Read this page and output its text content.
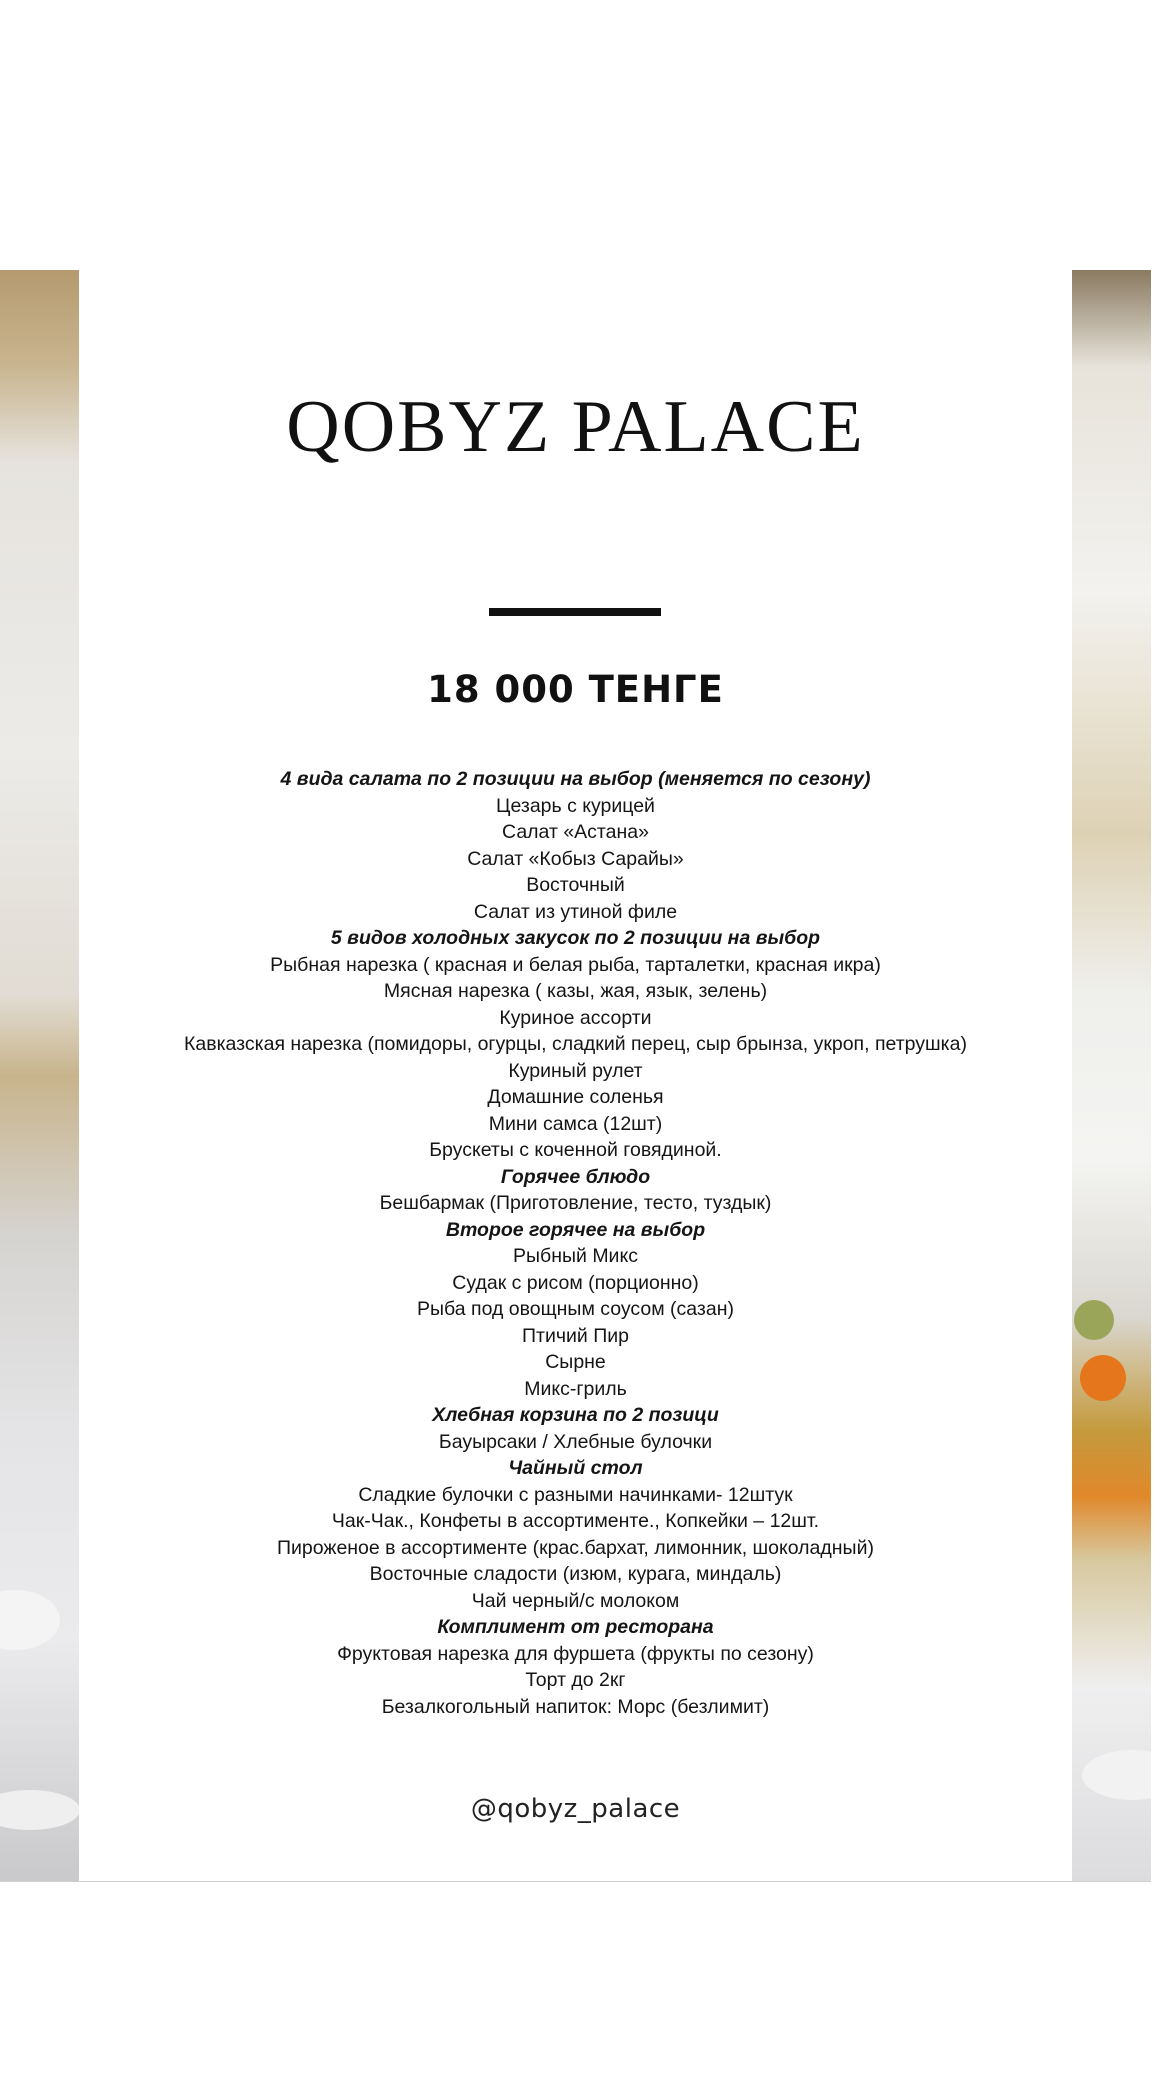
QOBYZ PALACE
18 000 ТЕНГЕ
4 вида салата по 2 позиции на выбор (меняется по сезону)
Цезарь с курицей
Салат «Астана»
Салат «Кобыз Сарайы»
Восточный
Салат из утиной филе
5 видов холодных закусок по 2 позиции на выбор
Рыбная нарезка ( красная и белая рыба, тарталетки, красная икра)
Мясная нарезка ( казы, жая, язык, зелень)
Куриное ассорти
Кавказская нарезка (помидоры, огурцы, сладкий перец, сыр брынза, укроп, петрушка)
Куриный рулет
Домашние соленья
Мини самса (12шт)
Брускеты с коченной говядиной.
Горячее блюдо
Бешбармак (Приготовление, тесто, туздык)
Второе горячее на выбор
Рыбный Микс
Судак с рисом (порционно)
Рыба под овощным соусом (сазан)
Птичий Пир
Сырне
Микс-гриль
Хлебная корзина по 2 позици
Бауырсаки / Хлебные булочки
Чайный стол
Сладкие булочки с разными начинками- 12штук
Чак-Чак., Конфеты в ассортименте., Копкейки – 12шт.
Пироженое в ассортименте (крас.бархат, лимонник, шоколадный)
Восточные сладости (изюм, курага, миндаль)
Чай черный/с молоком
Комплимент от ресторана
Фруктовая нарезка для фуршета (фрукты по сезону)
Торт до 2кг
Безалкогольный напиток: Морс (безлимит)
@qobyz_palace
